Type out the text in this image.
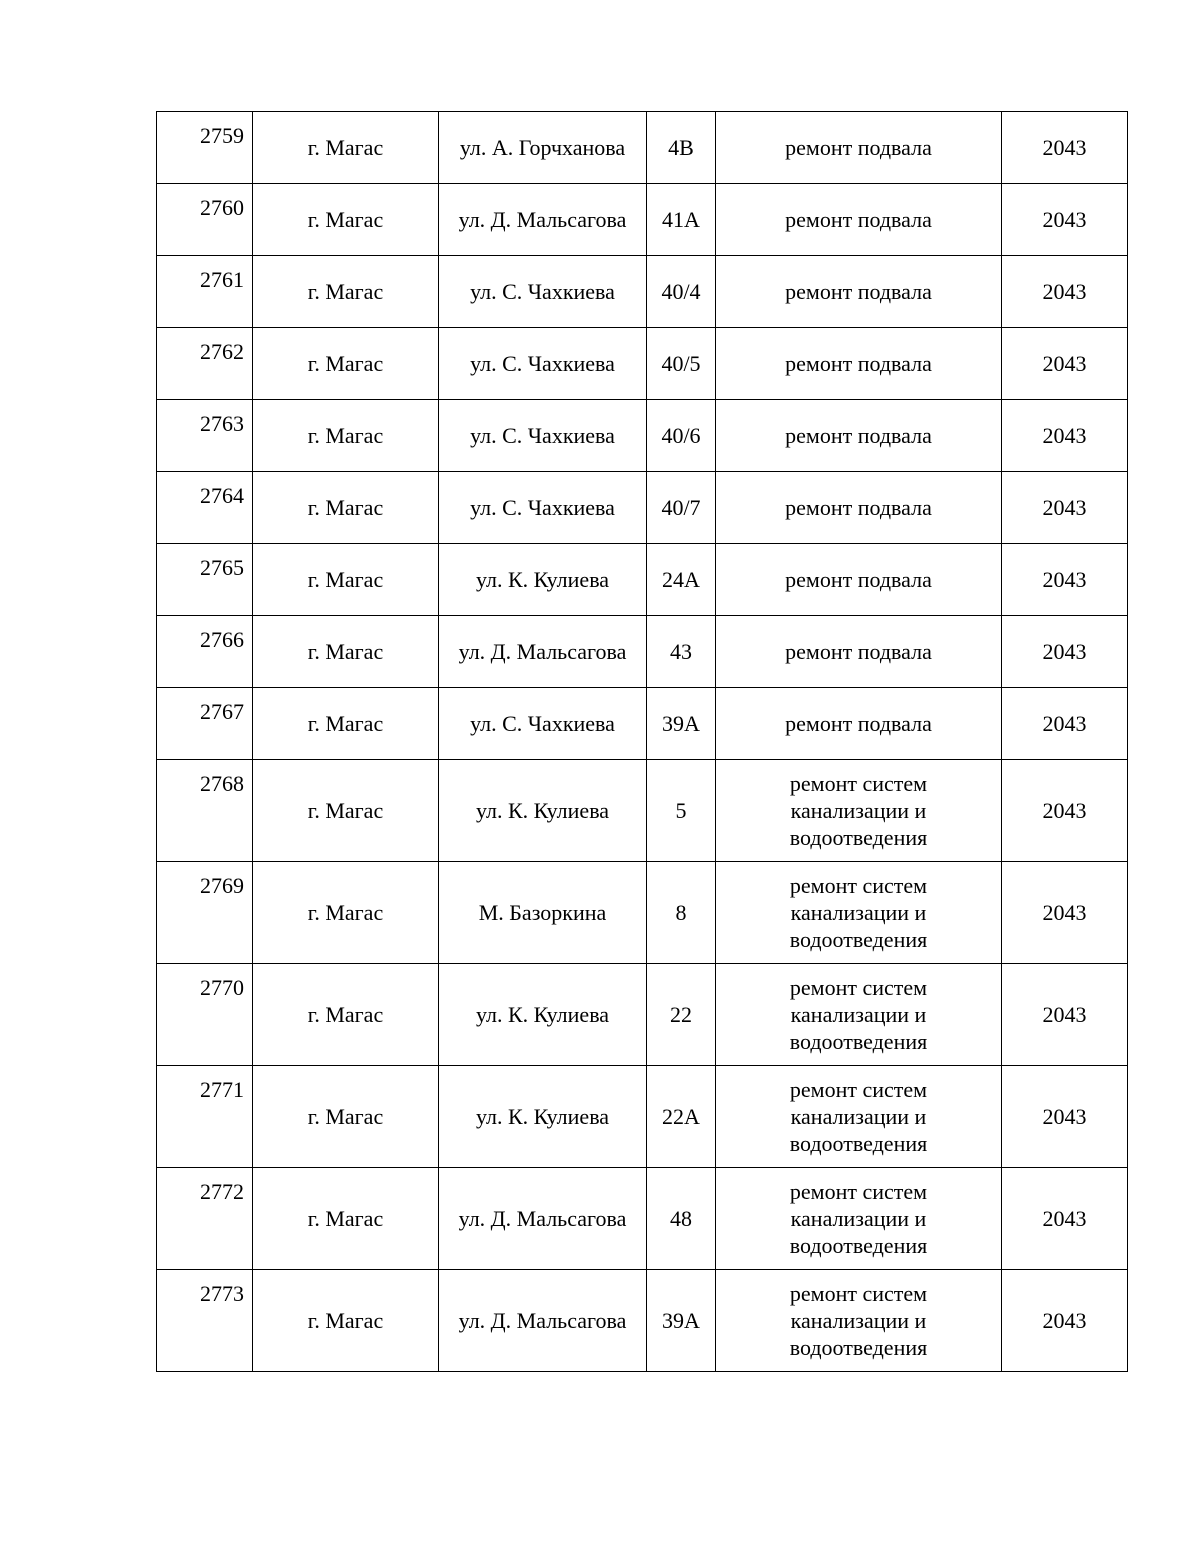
2759	г. Магас	ул. А. Горчханова	4В	ремонт подвала	2043
2760	г. Магас	ул. Д. Мальсагова	41А	ремонт подвала	2043
2761	г. Магас	ул. С. Чахкиева	40/4	ремонт подвала	2043
2762	г. Магас	ул. С. Чахкиева	40/5	ремонт подвала	2043
2763	г. Магас	ул. С. Чахкиева	40/6	ремонт подвала	2043
2764	г. Магас	ул. С. Чахкиева	40/7	ремонт подвала	2043
2765	г. Магас	ул. К. Кулиева	24А	ремонт подвала	2043
2766	г. Магас	ул. Д. Мальсагова	43	ремонт подвала	2043
2767	г. Магас	ул. С. Чахкиева	39А	ремонт подвала	2043
2768	г. Магас	ул. К. Кулиева	5	ремонт систем
канализации и
водоотведения	2043
2769	г. Магас	М. Базоркина	8	ремонт систем
канализации и
водоотведения	2043
2770	г. Магас	ул. К. Кулиева	22	ремонт систем
канализации и
водоотведения	2043
2771	г. Магас	ул. К. Кулиева	22А	ремонт систем
канализации и
водоотведения	2043
2772	г. Магас	ул. Д. Мальсагова	48	ремонт систем
канализации и
водоотведения	2043
2773	г. Магас	ул. Д. Мальсагова	39А	ремонт систем
канализации и
водоотведения	2043
